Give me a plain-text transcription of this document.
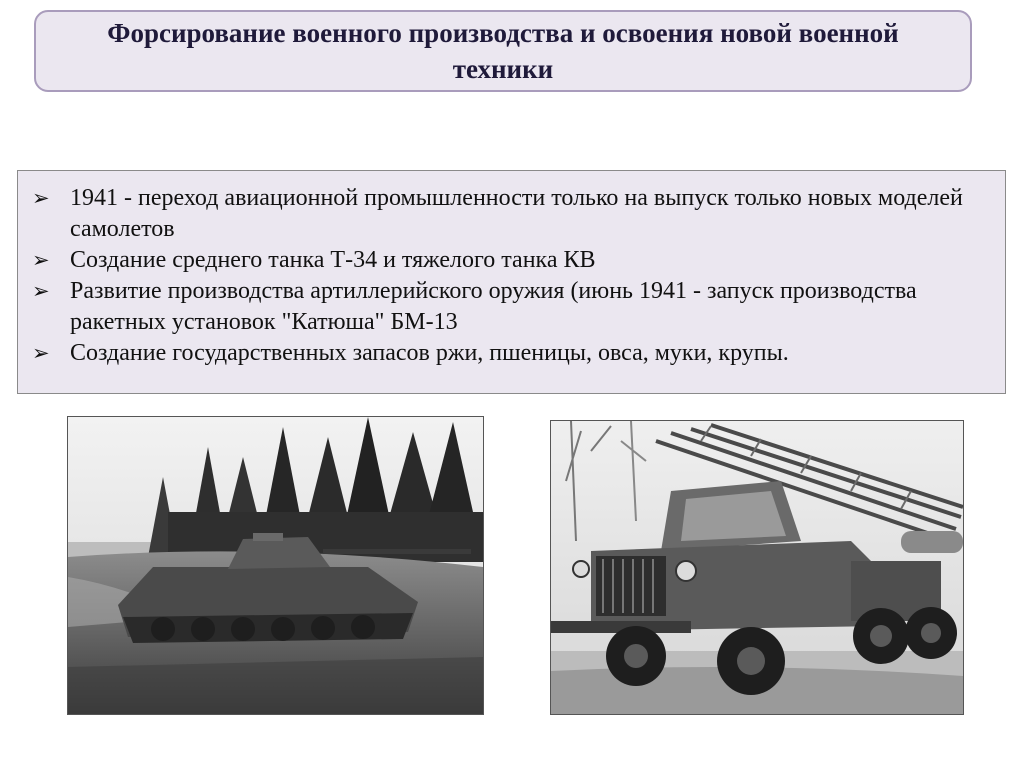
Форсирование военного производства и освоения новой военной техники
➢ 1941 - переход авиационной промышленности только на выпуск только новых моделей самолетов
➢ Создание среднего танка Т-34 и тяжелого танка КВ
➢ Развитие производства артиллерийского оружия (июнь 1941 - запуск производства ракетных установок "Катюша" БМ-13
➢ Создание государственных запасов ржи, пшеницы, овса, муки, крупы.
